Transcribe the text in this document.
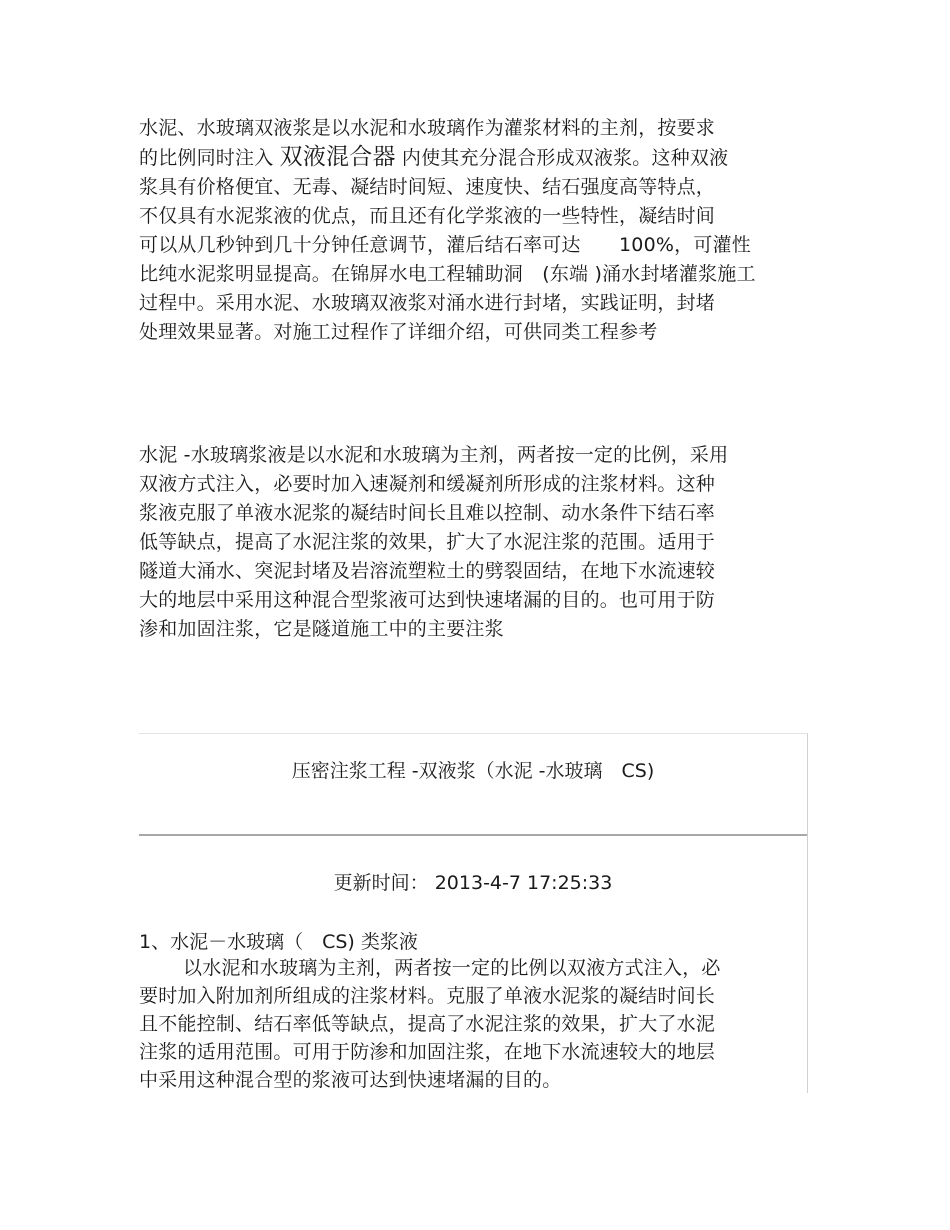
水泥、水玻璃双液浆是以水泥和水玻璃作为灌浆材料的主剂，按要求
的比例同时注入 双液混合器 内使其充分混合形成双液浆。这种双液
浆具有价格便宜、无毒、凝结时间短、速度快、结石强度高等特点，
不仅具有水泥浆液的优点，而且还有化学浆液的一些特性，凝结时间
可以从几秒钟到几十分钟任意调节，灌后结石率可达　　100%，可灌性
比纯水泥浆明显提高。在锦屏水电工程辅助洞　(东端 )涌水封堵灌浆施工
过程中。采用水泥、水玻璃双液浆对涌水进行封堵，实践证明，封堵
处理效果显著。对施工过程作了详细介绍，可供同类工程参考
水泥 -水玻璃浆液是以水泥和水玻璃为主剂，两者按一定的比例，采用
双液方式注入，必要时加入速凝剂和缓凝剂所形成的注浆材料。这种
浆液克服了单液水泥浆的凝结时间长且难以控制、动水条件下结石率
低等缺点，提高了水泥注浆的效果，扩大了水泥注浆的范围。适用于
隧道大涌水、突泥封堵及岩溶流塑粒土的劈裂固结，在地下水流速较
大的地层中采用这种混合型浆液可达到快速堵漏的目的。也可用于防
渗和加固注浆，它是隧道施工中的主要注浆
压密注浆工程 -双液浆（水泥 -水玻璃　CS)
更新时间： 2013-4-7 17:25:33
1、水泥－水玻璃（　CS) 类浆液
以水泥和水玻璃为主剂，两者按一定的比例以双液方式注入，必
要时加入附加剂所组成的注浆材料。克服了单液水泥浆的凝结时间长
且不能控制、结石率低等缺点，提高了水泥注浆的效果，扩大了水泥
注浆的适用范围。可用于防渗和加固注浆，在地下水流速较大的地层
中采用这种混合型的浆液可达到快速堵漏的目的。
